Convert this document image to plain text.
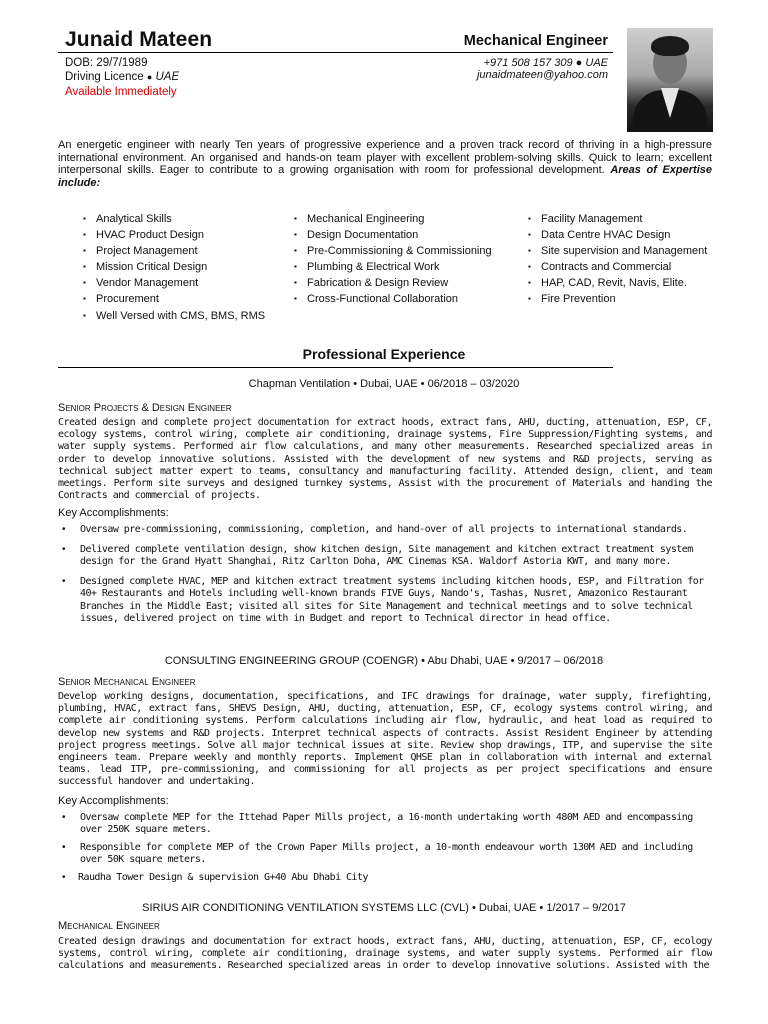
Junaid Mateen	Mechanical Engineer
DOB: 29/7/1989
Driving Licence ● UAE
Available Immediately
+971 508 157 309 ● UAE
junaidmateen@yahoo.com
An energetic engineer with nearly Ten years of progressive experience and a proven track record of thriving in a high-pressure international environment. An organised and hands-on team player with excellent problem-solving skills. Quick to learn; excellent interpersonal skills. Eager to contribute to a growing organisation with room for professional development. Areas of Expertise include:
▪ Analytical Skills
▪ HVAC Product Design
▪ Project Management
▪ Mission Critical Design
▪ Vendor Management
▪ Procurement
▪ Well Versed with CMS, BMS, RMS
▪ Mechanical Engineering
▪ Design Documentation
▪ Pre-Commissioning & Commissioning
▪ Plumbing & Electrical Work
▪ Fabrication & Design Review
▪ Cross-Functional Collaboration
▪ Facility Management
▪ Data Centre HVAC Design
▪ Site supervision and Management
▪ Contracts and Commercial
▪ HAP, CAD, Revit, Navis, Elite.
▪ Fire Prevention
Professional Experience
Chapman Ventilation • Dubai, UAE • 06/2018 – 03/2020
Senior Projects & Design Engineer
Created design and complete project documentation for extract hoods, extract fans, AHU, ducting, attenuation, ESP, CF, ecology systems, control wiring, complete air conditioning, drainage systems, Fire Suppression/Fighting systems, and water supply systems. Performed air flow calculations, and many other measurements. Researched specialized areas in order to develop innovative solutions. Assisted with the development of new systems and R&D projects, serving as technical subject matter expert to teams, consultancy and manufacturing facility. Attended design, client, and team meetings. Perform site surveys and designed turnkey systems, Assist with the procurement of Materials and handing the Contracts and commercial of projects.
Key Accomplishments:
• Oversaw pre-commissioning, commissioning, completion, and hand-over of all projects to international standards.
• Delivered complete ventilation design, show kitchen design, Site management and kitchen extract treatment system design for the Grand Hyatt Shanghai, Ritz Carlton Doha, AMC Cinemas KSA. Waldorf Astoria KWT, and many more.
• Designed complete HVAC, MEP and kitchen extract treatment systems including kitchen hoods, ESP, and Filtration for 40+ Restaurants and Hotels including well-known brands FIVE Guys, Nando's, Tashas, Nusret, Amazonico Restaurant Branches in the Middle East; visited all sites for Site Management and technical meetings and to solve technical issues, delivered project on time with in Budget and report to Technical director in head office.
CONSULTING ENGINEERING GROUP (COENGR) • Abu Dhabi, UAE • 9/2017 – 06/2018
Senior Mechanical Engineer
Develop working designs, documentation, specifications, and IFC drawings for drainage, water supply, firefighting, plumbing, HVAC, extract fans, SHEVS Design, AHU, ducting, attenuation, ESP, CF, ecology systems control wiring, and complete air conditioning systems. Perform calculations including air flow, hydraulic, and heat load as required to develop new systems and R&D projects. Interpret technical aspects of contracts. Assist Resident Engineer by attending project progress meetings. Solve all major technical issues at site. Review shop drawings, ITP, and supervise the site engineers team. Prepare weekly and monthly reports. Implement QHSE plan in collaboration with internal and external teams. lead ITP, pre-commissioning, and commissioning for all projects as per project specifications and ensure successful handover and undertaking.
Key Accomplishments:
• Oversaw complete MEP for the Ittehad Paper Mills project, a 16-month undertaking worth 480M AED and encompassing over 250K square meters.
• Responsible for complete MEP of the Crown Paper Mills project, a 10-month endeavour worth 130M AED and including over 50K square meters.
• Raudha Tower Design & supervision G+40 Abu Dhabi City
SIRIUS AIR CONDITIONING VENTILATION SYSTEMS LLC (CVL) • Dubai, UAE • 1/2017 – 9/2017
Mechanical Engineer
Created design drawings and documentation for extract hoods, extract fans, AHU, ducting, attenuation, ESP, CF, ecology systems, control wiring, complete air conditioning, drainage systems, and water supply systems. Performed air flow calculations and measurements. Researched specialized areas in order to develop innovative solutions. Assisted with the
